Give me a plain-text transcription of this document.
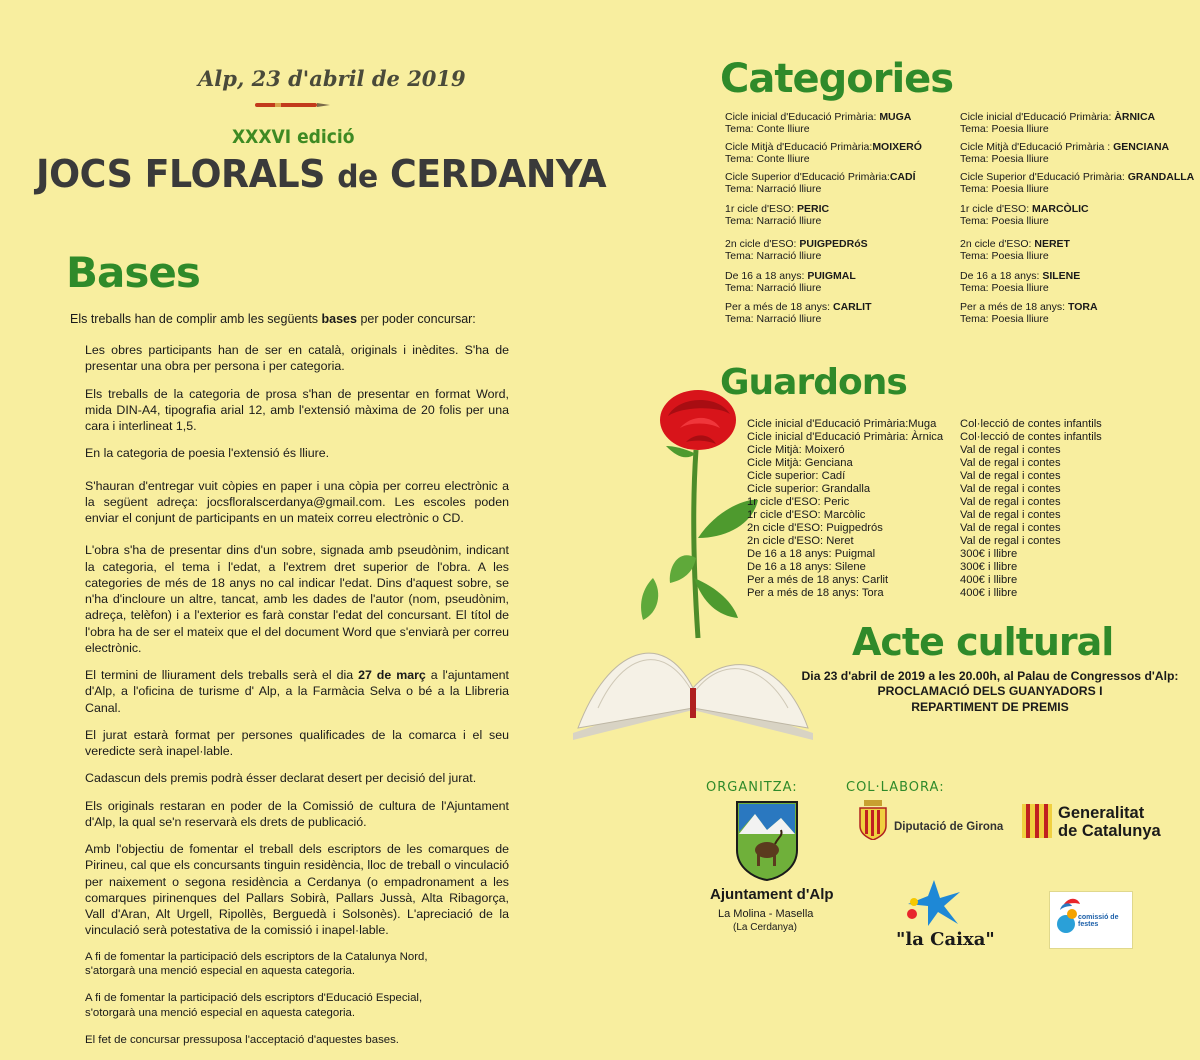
Alp, 23 d'abril de 2019
XXXVI edició
JOCS FLORALS de CERDANYA
Bases
Els treballs han de complir amb les següents bases per poder concursar:

Les obres participants han de ser en català, originals i inèdites. S'ha de presentar una obra per persona i per categoria.

Els treballs de la categoria de prosa s'han de presentar en format Word, mida DIN-A4, tipografia arial 12, amb l'extensió màxima de 20 folis per una cara i interlineat 1,5.

En la categoria de poesia l'extensió és lliure.

S'hauran d'entregar vuit còpies en paper i una còpia per correu electrònic a la següent adreça: jocsfloralscerdanya@gmail.com. Les escoles poden enviar el conjunt de participants en un mateix correu electrònic o CD.

L'obra s'ha de presentar dins d'un sobre, signada amb pseudònim, indicant la categoria, el tema i l'edat, a l'extrem dret superior de l'obra. A les categories de més de 18 anys no cal indicar l'edat. Dins d'aquest sobre, se n'ha d'incloure un altre, tancat, amb les dades de l'autor (nom, pseudònim, adreça, telèfon) i a l'exterior es farà constar l'edat del concursant. El títol de l'obra ha de ser el mateix que el del document Word que s'enviarà per correu electrònic.

El termini de lliurament dels treballs serà el dia 27 de març a l'ajuntament d'Alp, a l'oficina de turisme d' Alp, a la Farmàcia Selva o bé a la Llibreria Canal.

El jurat estarà format per persones qualificades de la comarca i el seu veredicte serà inapel·lable.

Cadascun dels premis podrà ésser declarat desert per decisió del jurat.

Els originals restaran en poder de la Comissió de cultura de l'Ajuntament d'Alp, la qual se'n reservarà els drets de publicació.

Amb l'objectiu de fomentar el treball dels escriptors de les comarques de Pirineu, cal que els concursants tinguin residència, lloc de treball o vinculació per naixement o segona residència a Cerdanya (o empadronament a les comarques pirinenques del Pallars Sobirà, Pallars Jussà, Alta Ribagorça, Vall d'Aran, Alt Urgell, Ripollès, Berguedà i Solsonès). L'apreciació de la vinculació serà potestativa de la comissió i inapel·lable.

A fi de fomentar la participació dels escriptors de la Catalunya Nord, s'atorgarà una menció especial en aquesta categoria.

A fi de fomentar la participació dels escriptors d'Educació Especial, s'otorgarà una menció especial en aquesta categoria.

El fet de concursar pressuposa l'acceptació d'aquestes bases.

Categories
Cicle inicial d'Educació Primària: MUGA
Tema: Conte lliure
Cicle Mitjà d'Educació Primària:MOIXERÓ
Tema: Conte lliure
Cicle Superior d'Educació Primària:CADÍ
Tema: Narració lliure
1r cicle d'ESO: PERIC
Tema: Narració lliure
2n cicle d'ESO: PUIGPEDRóS
Tema: Narració lliure
De 16 a 18 anys: PUIGMAL
Tema: Narració lliure
Per a més de 18 anys: CARLIT
Tema: Narració lliure
Cicle inicial d'Educació Primària: ÀRNICA
Tema: Poesia lliure
Cicle Mitjà d'Educació Primària : GENCIANA
Tema: Poesia lliure
Cicle Superior d'Educació Primària: GRANDALLA
Tema: Poesia lliure
1r cicle d'ESO: MARCÒLIC
Tema: Poesia lliure
2n cicle d'ESO: NERET
Tema: Poesia lliure
De 16 a 18 anys: SILENE
Tema: Poesia lliure
Per a més de 18 anys: TORA
Tema: Poesia lliure
Guardons
Cicle inicial d'Educació Primària:Muga
Cicle inicial d'Educació Primària: Àrnica
Cicle Mitjà: Moixeró
Cicle Mitjà: Genciana
Cicle superior: Cadí
Cicle superior: Grandalla
1r cicle d'ESO: Peric
1r cicle d'ESO: Marcòlic
2n cicle d'ESO: Puigpedrós
2n cicle d'ESO: Neret
De 16 a 18 anys: Puigmal
De 16 a 18 anys: Silene
Per a més de 18 anys: Carlit
Per a més de 18 anys: Tora
Col·lecció de contes infantils
Col·lecció de contes infantils
Val de regal i contes
Val de regal i contes
Val de regal i contes
Val de regal i contes
Val de regal i contes
Val de regal i contes
Val de regal i contes
Val de regal i contes
300€ i llibre
300€ i llibre
400€ i llibre
400€ i llibre
Acte cultural
Dia 23 d'abril de 2019 a les 20.00h, al Palau de Congressos d'Alp:
PROCLAMACIÓ DELS GUANYADORS I
REPARTIMENT DE PREMIS
ORGANITZA:	COL·LABORA:
Ajuntament d'Alp
La Molina - Masella
(La Cerdanya)
Diputació de Girona
Generalitat
de Catalunya
"la Caixa"
comissió de festes
